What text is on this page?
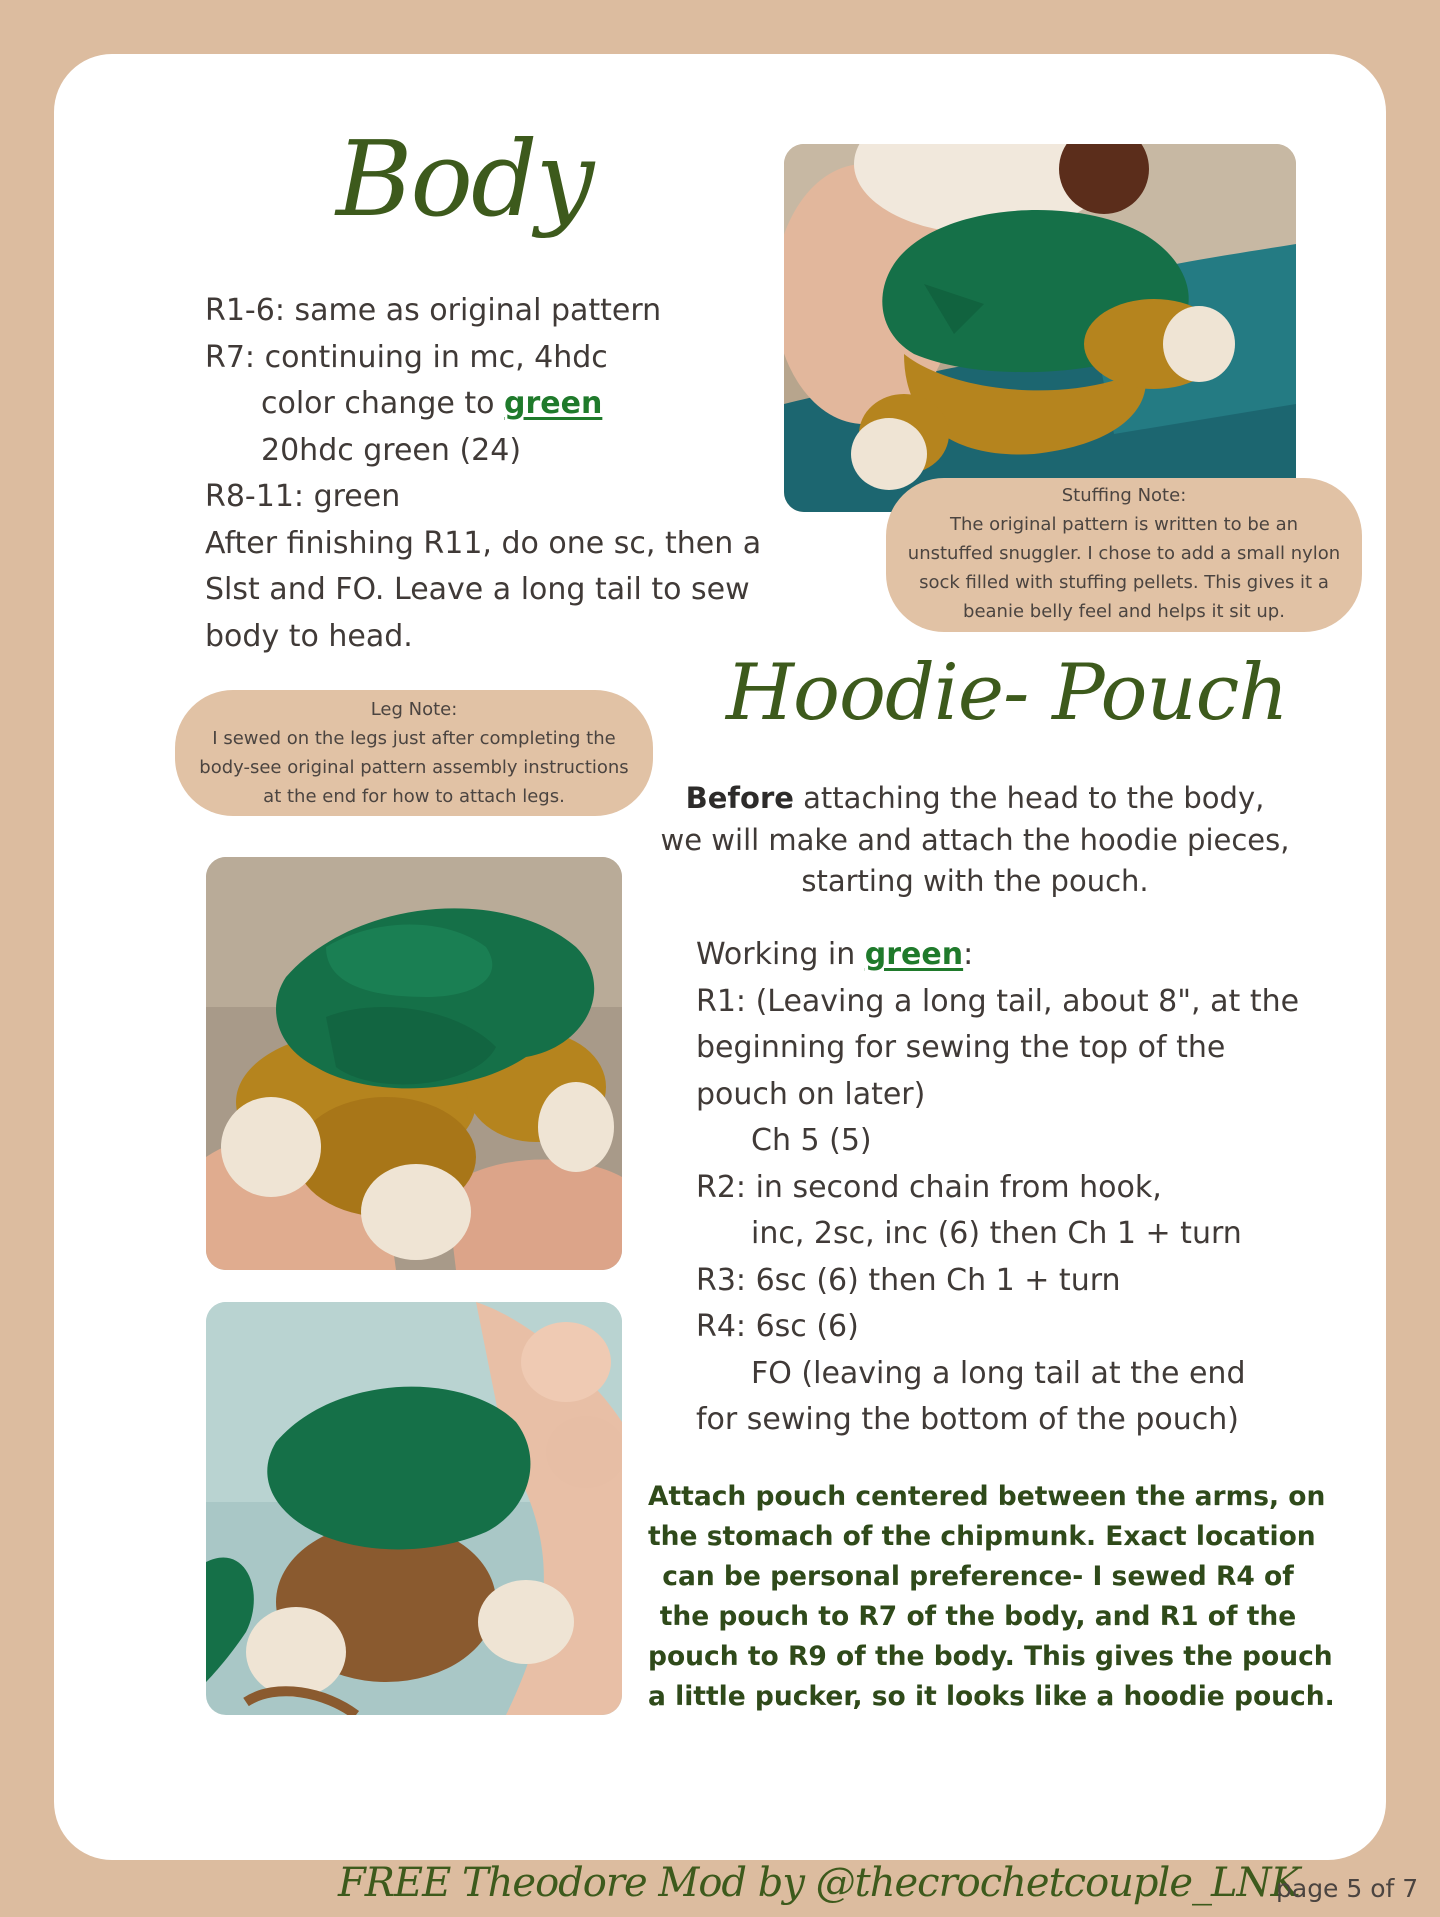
Body
R1-6: same as original pattern
R7: continuing in mc, 4hdc
color change to green
20hdc green (24)
R8-11: green
After finishing R11, do one sc, then a
Slst and FO. Leave a long tail to sew
body to head.
Stuffing Note:
The original pattern is written to be an
unstuffed snuggler. I chose to add a small nylon
sock filled with stuffing pellets. This gives it a
beanie belly feel and helps it sit up.
Leg Note:
I sewed on the legs just after completing the
body-see original pattern assembly instructions
at the end for how to attach legs.
Hoodie- Pouch
Before attaching the head to the body,
we will make and attach the hoodie pieces,
starting with the pouch.
Working in green:
R1: (Leaving a long tail, about 8", at the
beginning for sewing the top of the
pouch on later)
Ch 5 (5)
R2: in second chain from hook,
inc, 2sc, inc (6) then Ch 1 + turn
R3: 6sc (6) then Ch 1 + turn
R4: 6sc (6)
FO (leaving a long tail at the end
for sewing the bottom of the pouch)
Attach pouch centered between the arms, on
the stomach of the chipmunk. Exact location
can be personal preference- I sewed R4 of
the pouch to R7 of the body, and R1 of the
pouch to R9 of the body. This gives the pouch
a little pucker, so it looks like a hoodie pouch.
FREE Theodore Mod by @thecrochetcouple_LNK
page 5 of 7
